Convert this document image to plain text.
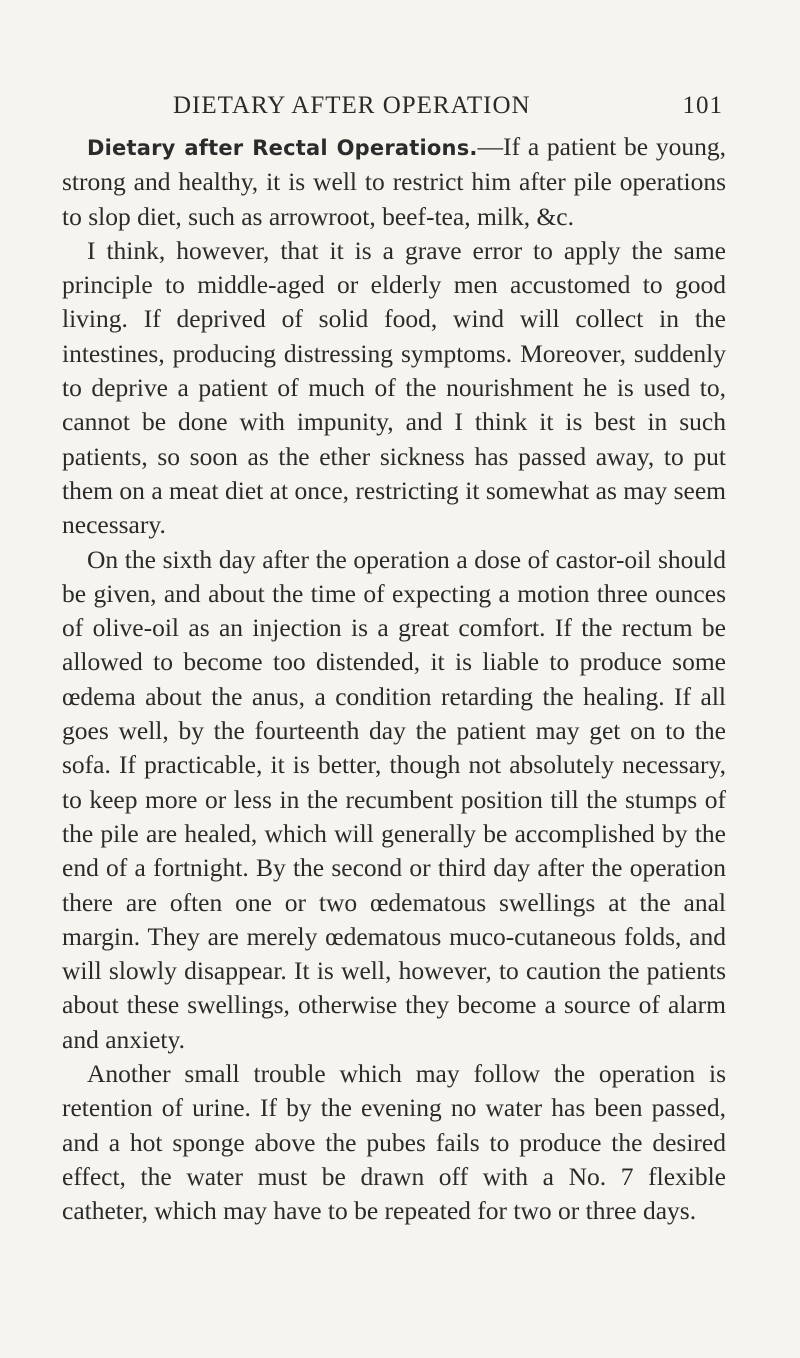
DIETARY AFTER OPERATION	101

Dietary after Rectal Operations.—If a patient be young, strong and healthy, it is well to restrict him after pile operations to slop diet, such as arrowroot, beef-tea, milk, &c.

I think, however, that it is a grave error to apply the same principle to middle-aged or elderly men accustomed to good living. If deprived of solid food, wind will collect in the intestines, producing distressing symptoms. Moreover, suddenly to deprive a patient of much of the nourishment he is used to, cannot be done with impunity, and I think it is best in such patients, so soon as the ether sickness has passed away, to put them on a meat diet at once, restricting it somewhat as may seem necessary.

On the sixth day after the operation a dose of castor-oil should be given, and about the time of expecting a motion three ounces of olive-oil as an injection is a great comfort. If the rectum be allowed to become too distended, it is liable to produce some œdema about the anus, a condition retarding the healing. If all goes well, by the fourteenth day the patient may get on to the sofa. If practicable, it is better, though not absolutely necessary, to keep more or less in the recumbent position till the stumps of the pile are healed, which will generally be accomplished by the end of a fortnight. By the second or third day after the operation there are often one or two œdematous swellings at the anal margin. They are merely œdematous muco-cutaneous folds, and will slowly disappear. It is well, however, to caution the patients about these swellings, otherwise they become a source of alarm and anxiety.

Another small trouble which may follow the operation is retention of urine. If by the evening no water has been passed, and a hot sponge above the pubes fails to produce the desired effect, the water must be drawn off with a No. 7 flexible catheter, which may have to be repeated for two or three days.
